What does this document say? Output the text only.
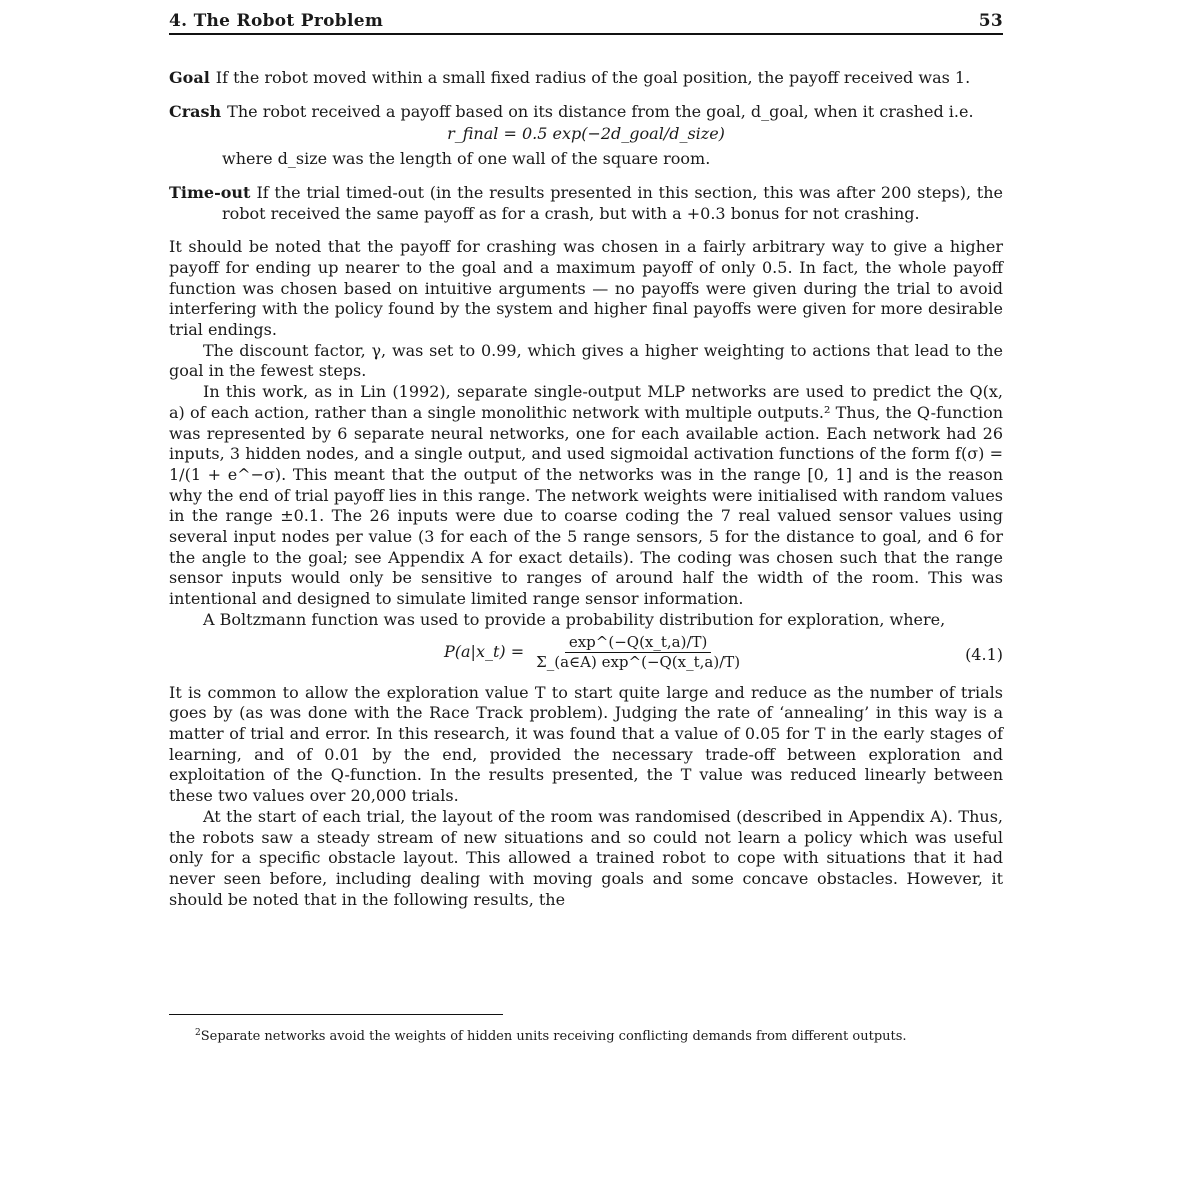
4. The Robot Problem	53
Goal If the robot moved within a small fixed radius of the goal position, the payoff received was 1.
Crash The robot received a payoff based on its distance from the goal, d_goal, when it crashed i.e.
r_final = 0.5 exp(−2d_goal/d_size)
where d_size was the length of one wall of the square room.
Time-out If the trial timed-out (in the results presented in this section, this was after 200 steps), the robot received the same payoff as for a crash, but with a +0.3 bonus for not crashing.

It should be noted that the payoff for crashing was chosen in a fairly arbitrary way to give a higher payoff for ending up nearer to the goal and a maximum payoff of only 0.5. In fact, the whole payoff function was chosen based on intuitive arguments — no payoffs were given during the trial to avoid interfering with the policy found by the system and higher final payoffs were given for more desirable trial endings.

The discount factor, γ, was set to 0.99, which gives a higher weighting to actions that lead to the goal in the fewest steps.

In this work, as in Lin (1992), separate single-output MLP networks are used to predict the Q(x, a) of each action, rather than a single monolithic network with multiple outputs.² Thus, the Q-function was represented by 6 separate neural networks, one for each available action. Each network had 26 inputs, 3 hidden nodes, and a single output, and used sigmoidal activation functions of the form f(σ) = 1/(1 + e^−σ). This meant that the output of the networks was in the range [0, 1] and is the reason why the end of trial payoff lies in this range. The network weights were initialised with random values in the range ±0.1. The 26 inputs were due to coarse coding the 7 real valued sensor values using several input nodes per value (3 for each of the 5 range sensors, 5 for the distance to goal, and 6 for the angle to the goal; see Appendix A for exact details). The coding was chosen such that the range sensor inputs would only be sensitive to ranges of around half the width of the room. This was intentional and designed to simulate limited range sensor information.

A Boltzmann function was used to provide a probability distribution for exploration, where,

P(a|x_t) = $\frac{\exp\^{}(-Q(x\_t,a)/T)}{\Sigma\_(a\in A) \exp\^{}(-Q(x\_t,a)/T)}$	(4.1)

It is common to allow the exploration value T to start quite large and reduce as the number of trials goes by (as was done with the Race Track problem). Judging the rate of ‘annealing’ in this way is a matter of trial and error. In this research, it was found that a value of 0.05 for T in the early stages of learning, and of 0.01 by the end, provided the necessary trade-off between exploration and exploitation of the Q-function. In the results presented, the T value was reduced linearly between these two values over 20,000 trials.

At the start of each trial, the layout of the room was randomised (described in Appendix A). Thus, the robots saw a steady stream of new situations and so could not learn a policy which was useful only for a specific obstacle layout. This allowed a trained robot to cope with situations that it had never seen before, including dealing with moving goals and some concave obstacles. However, it should be noted that in the following results, the

$^2$Separate networks avoid the weights of hidden units receiving conflicting demands from different outputs.
